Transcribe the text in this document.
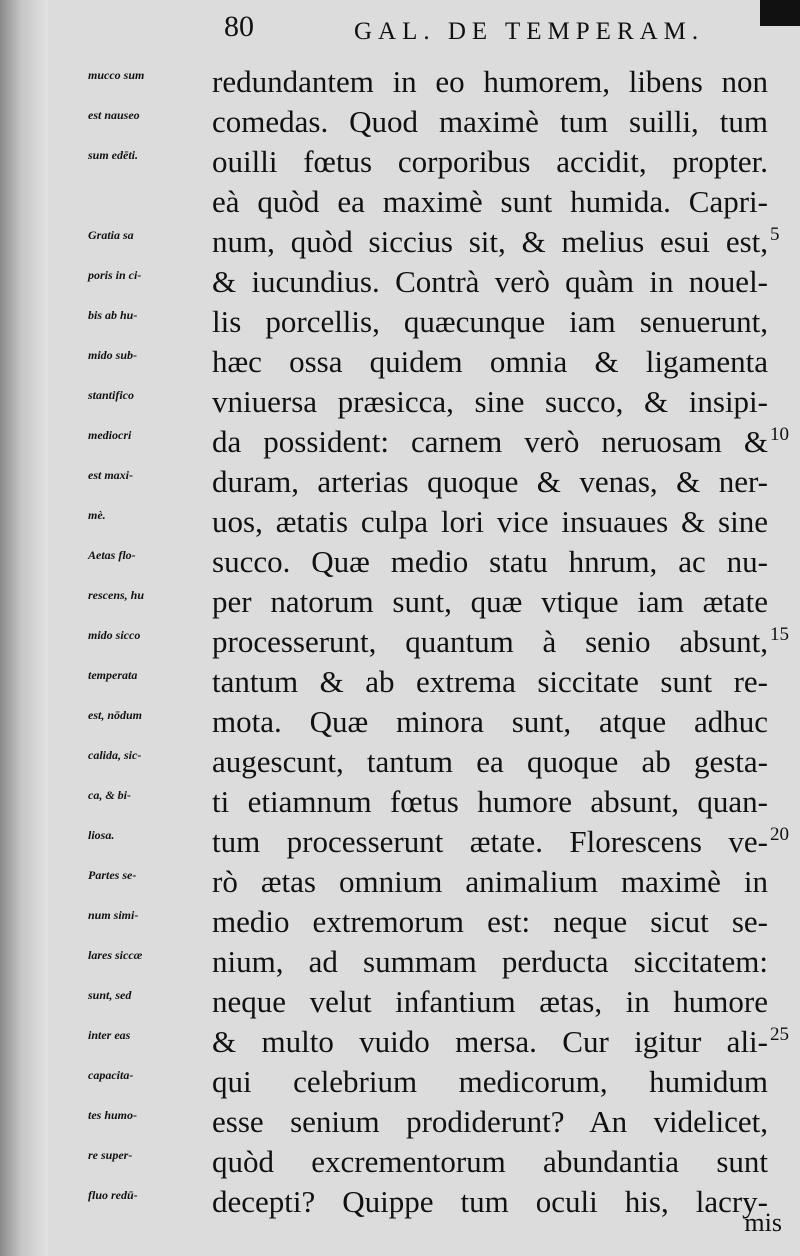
80	GAL. DE TEMPERAM.
mucco sum	redundantem in eo humorem, libens non
est nauseo	comedas. Quod maximè tum suilli, tum
sum edēti.	ouilli fœtus corporibus accidit, propter.
eà quòd ea maximè sunt humida. Capri-
Gratia sa	num, quòd siccius sit, & melius esui est, 5
poris in ci-	& iucundius. Contrà verò quàm in nouel-
bis ab hu-	lis porcellis, quæcunque iam senuerunt,
mido sub-	hæc ossa quidem omnia & ligamenta
stantifico	vniuersa præsicca, sine succo, & insipi-
mediocri	da possident: carnem verò neruosam & 10
est maxi-	duram, arterias quoque & venas, & ner-
mè.	uos, ætatis culpa lori vice insuaues & sine
Aetas flo-	succo. Quæ medio statu hnrum, ac nu-
rescens, hu	per natorum sunt, quæ vtique iam ætate
mido sicco	processerunt, quantum à senio absunt, 15
temperata	tantum & ab extrema siccitate sunt re-
est, nōdum	mota. Quæ minora sunt, atque adhuc
calida, sic-	augescunt, tantum ea quoque ab gesta-
ca, & bi-	ti etiamnum fœtus humore absunt, quan-
liosa.	tum processerunt ætate. Florescens ve- 20
Partes se-	rò ætas omnium animalium maximè in
num simi-	medio extremorum est: neque sicut se-
lares siccæ	nium, ad summam perducta siccitatem:
sunt, sed	neque velut infantium ætas, in humore
inter eas	& multo vuido mersa. Cur igitur ali- 25
capacita-	qui celebrium medicorum, humidum
tes humo-	esse senium prodiderunt? An videlicet,
re super-	quòd excrementorum abundantia sunt
fluo redū-	decepti? Quippe tum oculi his, lacry-
mis
